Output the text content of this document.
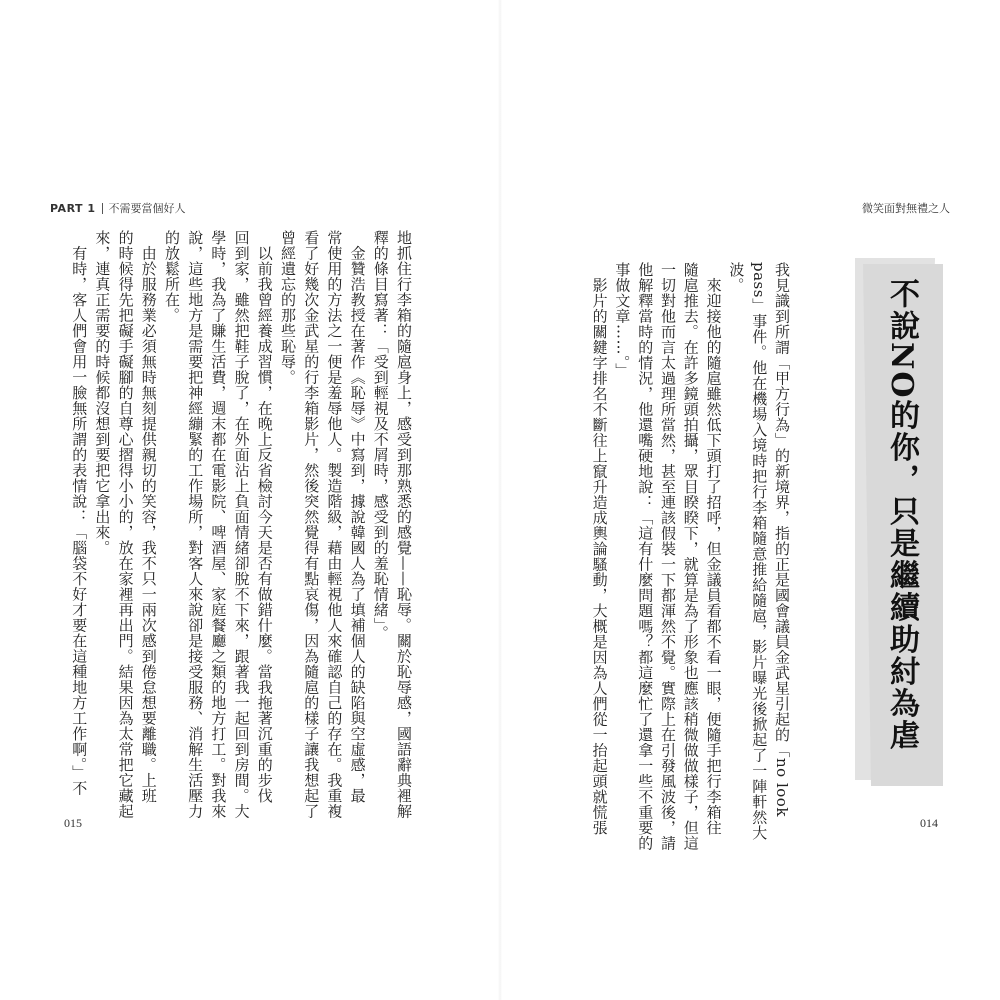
PART 1 不需要當個好人
地抓住行李箱的隨扈身上，感受到那熟悉的感覺——恥辱。關於恥辱感，國語辭典裡解
釋的條目寫著：「受到輕視及不屑時，感受到的羞恥情緒」。
　金贊浩教授在著作《恥辱》中寫到，據說韓國人為了填補個人的缺陷與空虛感，最
常使用的方法之一便是羞辱他人。製造階級，藉由輕視他人來確認自己的存在。我重複
看了好幾次金武星的行李箱影片，然後突然覺得有點哀傷，因為隨扈的樣子讓我想起了
曾經遺忘的那些恥辱。
　以前我曾經養成習慣，在晚上反省檢討今天是否有做錯什麼。當我拖著沉重的步伐
回到家，雖然把鞋子脫了，在外面沾上負面情緒卻脫不下來，跟著我一起回到房間。大
學時，我為了賺生活費，週末都在電影院、啤酒屋、家庭餐廳之類的地方打工。對我來
說，這些地方是需要把神經繃緊的工作場所，對客人來說卻是接受服務、消解生活壓力
的放鬆所在。
　由於服務業必須無時無刻提供親切的笑容，我不只一兩次感到倦怠想要離職。上班
的時候得先把礙手礙腳的自尊心摺得小小的，放在家裡再出門。結果因為太常把它藏起
來，連真正需要的時候都沒想到要把它拿出來。
　有時，客人們會用一臉無所謂的表情說：「腦袋不好才要在這種地方工作啊。」不
015
微笑面對無禮之人
014
我見識到所謂「甲方行為」的新境界，指的正是國會議員金武星引起的「no look
pass」事件。他在機場入境時把行李箱隨意推給隨扈，影片曝光後掀起了一陣軒然大
波。
　來迎接他的隨扈雖然低下頭打了招呼，但金議員看都不看一眼，便隨手把行李箱往
隨扈推去。在許多鏡頭拍攝，眾目睽睽下，就算是為了形象也應該稍微做做樣子，但這
一切對他而言太過理所當然，甚至連該假裝一下都渾然不覺。實際上在引發風波後，請
他解釋當時的情況，他還嘴硬地說：「這有什麼問題嗎？都這麼忙了還拿一些不重要的
事做文章……。」
　影片的關鍵字排名不斷往上竄升造成輿論騷動，大概是因為人們從一抬起頭就慌張	不說NO的你，只是繼續助紂為虐
